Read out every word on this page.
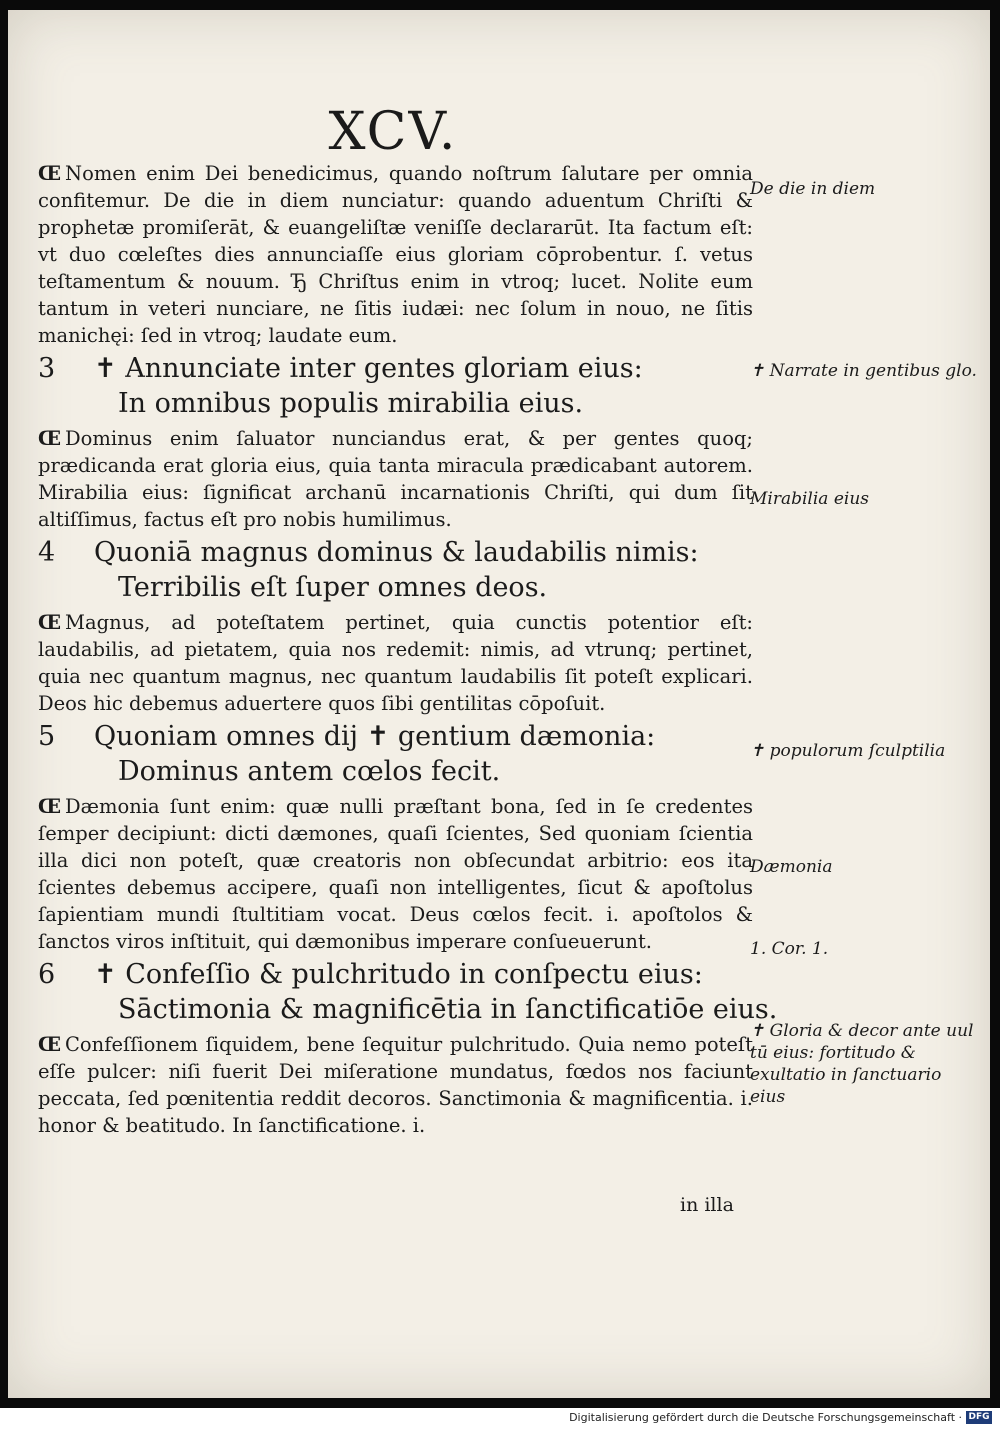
XCV.

Œ Nomen enim Dei benedicimus, quando noſtrum ſalutare per omnia confitemur. De die in diem nunciatur: quando aduentum Chriſti & prophetæ promiſerāt, & euangeliſtæ veniſſe declararūt. Ita factum eſt: vt duo cœleſtes dies annunciaſſe eius gloriam cōprobentur. ſ. vetus teſtamentum & nouum. Ђ Chriſtus enim in vtroq; lucet. Nolite eum tantum in veteri nunciare, ne ſitis iudæi: nec ſolum in nouo, ne ſitis manichęi: ſed in vtroq; laudate eum.

3 ✝ Annunciate inter gentes gloriam eius:
In omnibus populis mirabilia eius.

Œ Dominus enim ſaluator nunciandus erat, & per gentes quoq; prædicanda erat gloria eius, quia tanta miracula prædicabant autorem. Mirabilia eius: ſignificat archanū incarnationis Chriſti, qui dum ſit altiſſimus, factus eſt pro nobis humilimus.

4 Quoniā magnus dominus & laudabilis nimis:
Terribilis eſt ſuper omnes deos.

Œ Magnus, ad poteſtatem pertinet, quia cunctis potentior eſt: laudabilis, ad pietatem, quia nos redemit: nimis, ad vtrunq; pertinet, quia nec quantum magnus, nec quantum laudabilis ſit poteſt explicari. Deos hic debemus aduertere quos ſibi gentilitas cōpoſuit.

5 Quoniam omnes dij ✝ gentium dæmonia:
Dominus antem cœlos fecit.

Œ Dæmonia ſunt enim: quæ nulli præſtant bona, ſed in ſe credentes ſemper decipiunt: dicti dæmones, quaſi ſcientes, Sed quoniam ſcientia illa dici non poteſt, quæ creatoris non obſecundat arbitrio: eos ita ſcientes debemus accipere, quaſi non intelligentes, ſicut & apoſtolus ſapientiam mundi ſtultitiam vocat. Deus cœlos fecit. i. apoſtolos & ſanctos viros inſtituit, qui dæmonibus imperare conſueuerunt.

6 ✝ Confeſſio & pulchritudo in conſpectu eius:
Sāctimonia & magnificētia in ſanctificatiōe eius.

Œ Confeſſionem ſiquidem, bene ſequitur pulchritudo. Quia nemo poteſt eſſe pulcer: niſi fuerit Dei miſeratione mundatus, fœdos nos faciunt peccata, ſed pœnitentia reddit decoros. Sanctimonia & magnificentia. i. honor & beatitudo. In ſanctificatione. i.

De die in diem
✝ Narrate in gentibus glo.
Mirabilia eius
✝ populorum ſculptilia
Dæmonia
1. Cor. 1.
✝ Gloria & decor ante uul tū eius: fortitudo & exultatio in ſanctuario eius
in illa
Digitalisierung gefördert durch die Deutsche Forschungsgemeinschaft · DFG
